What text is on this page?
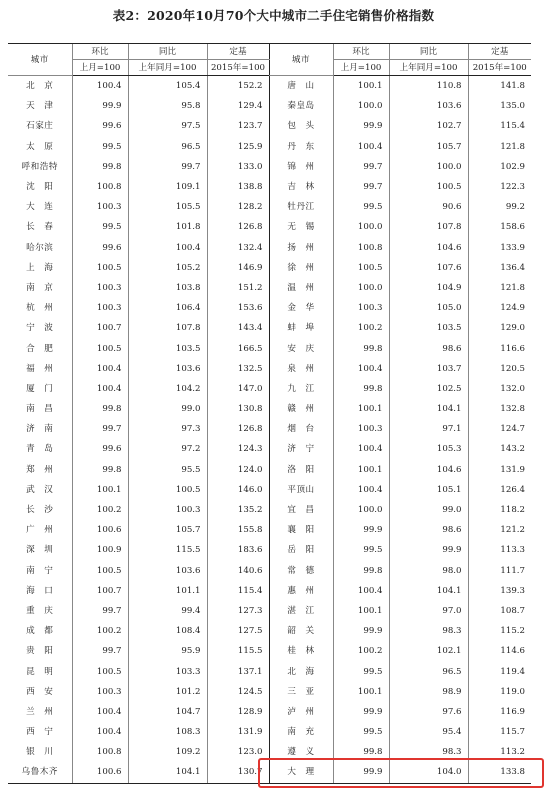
表2：2020年10月70个大中城市二手住宅销售价格指数
城市	环比	同比	定基	城市	环比	同比	定基
	上月=100	上年同月=100	2015年=100		上月=100	上年同月=100	2015年=100
北　京	100.4	105.4	152.2	唐　山	100.1	110.8	141.8
天　津	99.9	95.8	129.4	秦皇岛	100.0	103.6	135.0
石家庄	99.6	97.5	123.7	包　头	99.9	102.7	115.4
太　原	99.5	96.5	125.9	丹　东	100.4	105.7	121.8
呼和浩特	99.8	99.7	133.0	锦　州	99.7	100.0	102.9
沈　阳	100.8	109.1	138.8	吉　林	99.7	100.5	122.3
大　连	100.3	105.5	128.2	牡丹江	99.5	90.6	99.2
长　春	99.5	101.8	126.8	无　锡	100.0	107.8	158.6
哈尔滨	99.6	100.4	132.4	扬　州	100.8	104.6	133.9
上　海	100.5	105.2	146.9	徐　州	100.5	107.6	136.4
南　京	100.3	103.8	151.2	温　州	100.0	104.9	121.8
杭　州	100.3	106.4	153.6	金　华	100.3	105.0	124.9
宁　波	100.7	107.8	143.4	蚌　埠	100.2	103.5	129.0
合　肥	100.5	103.5	166.5	安　庆	99.8	98.6	116.6
福　州	100.4	103.6	132.5	泉　州	100.4	103.7	120.5
厦　门	100.4	104.2	147.0	九　江	99.8	102.5	132.0
南　昌	99.8	99.0	130.8	赣　州	100.1	104.1	132.8
济　南	99.7	97.3	126.8	烟　台	100.3	97.1	124.7
青　岛	99.6	97.2	124.3	济　宁	100.4	105.3	143.2
郑　州	99.8	95.5	124.0	洛　阳	100.1	104.6	131.9
武　汉	100.1	100.5	146.0	平顶山	100.4	105.1	126.4
长　沙	100.2	100.3	135.2	宜　昌	100.0	99.0	118.2
广　州	100.6	105.7	155.8	襄　阳	99.9	98.6	121.2
深　圳	100.9	115.5	183.6	岳　阳	99.5	99.9	113.3
南　宁	100.5	103.6	140.6	常　德	99.8	98.0	111.7
海　口	100.7	101.1	115.4	惠　州	100.4	104.1	139.3
重　庆	99.7	99.4	127.3	湛　江	100.1	97.0	108.7
成　都	100.2	108.4	127.5	韶　关	99.9	98.3	115.2
贵　阳	99.7	95.9	115.5	桂　林	100.2	102.1	114.6
昆　明	100.5	103.3	137.1	北　海	99.5	96.5	119.4
西　安	100.3	101.2	124.5	三　亚	100.1	98.9	119.0
兰　州	100.4	104.7	128.9	泸　州	99.9	97.6	116.9
西　宁	100.4	108.3	131.9	南　充	99.5	95.4	115.7
银　川	100.8	109.2	123.0	遵　义	99.8	98.3	113.2
乌鲁木齐	100.6	104.1	130.7	大　理	99.9	104.0	133.8
